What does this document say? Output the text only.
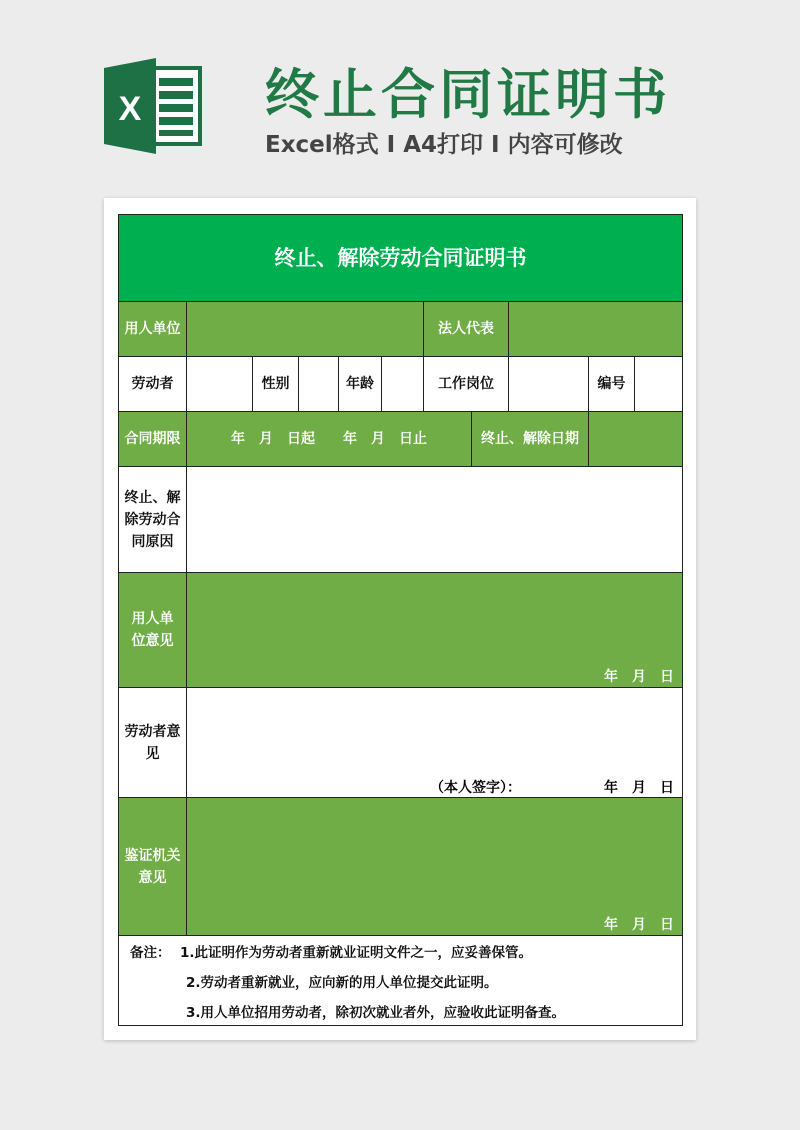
X 终止合同证明书
Excel格式 I A4打印 I 内容可修改
终止、解除劳动合同证明书
用人单位	法人代表
劳动者	性别	年龄	工作岗位	编号
合同期限	年　月　日起　　年　月　日止	终止、解除日期
终止、解除劳动合同原因
用人单位意见
年　月　日
劳动者意见
（本人签字）：	年　月　日
鉴证机关意见
年　月　日
备注： 1.此证明作为劳动者重新就业证明文件之一，应妥善保管。
2.劳动者重新就业，应向新的用人单位提交此证明。
3.用人单位招用劳动者，除初次就业者外，应验收此证明备查。
